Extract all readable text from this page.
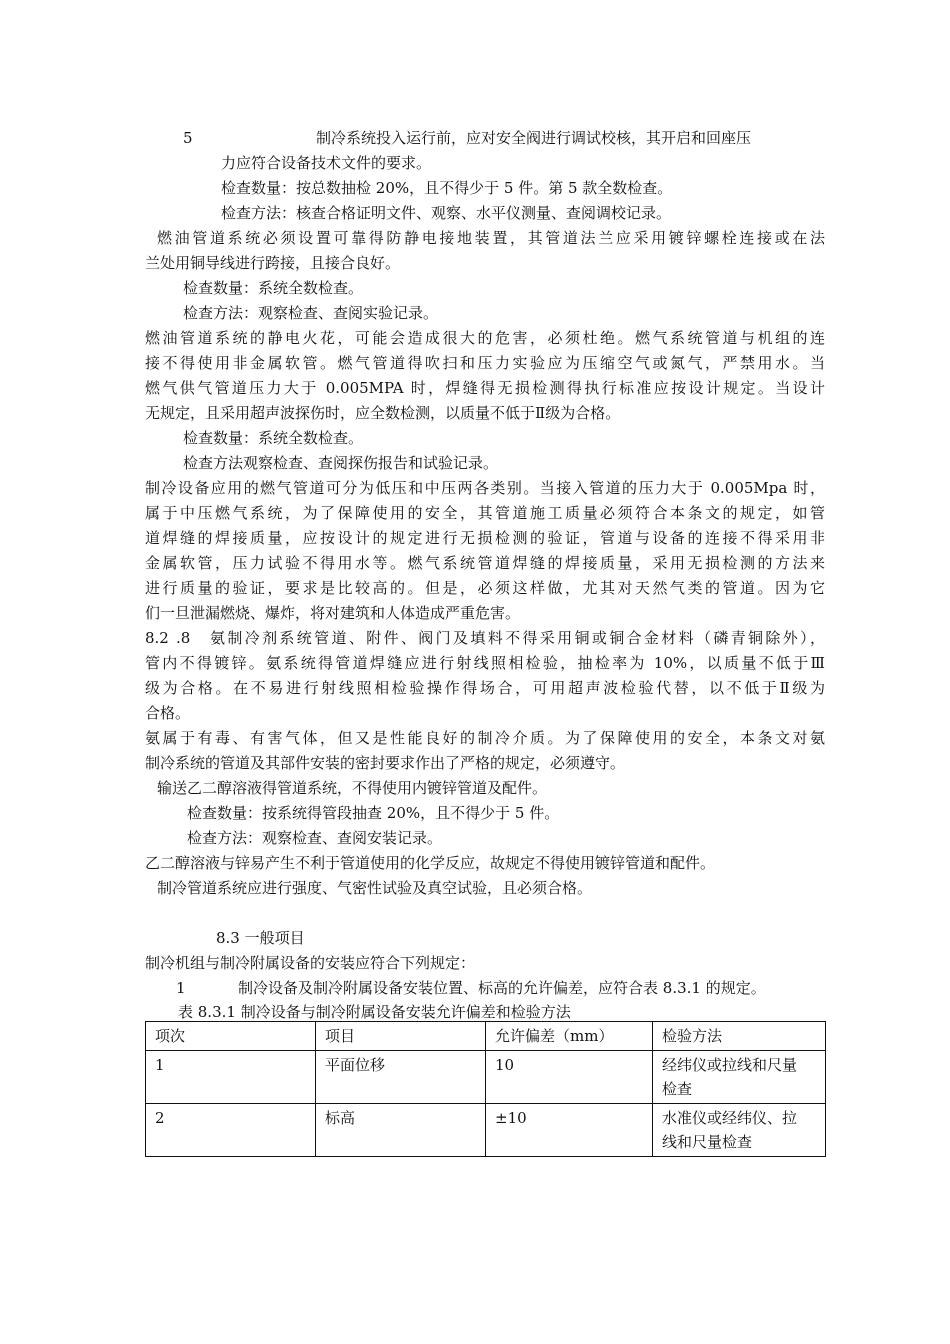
5	制冷系统投入运行前，应对安全阀进行调试校核，其开启和回座压
力应符合设备技术文件的要求。
检查数量：按总数抽检 20%，且不得少于 5 件。第 5 款全数检查。
检查方法：核查合格证明文件、观察、水平仪测量、查阅调校记录。
燃油管道系统必须设置可靠得防静电接地装置，其管道法兰应采用镀锌螺栓连接或在法
兰处用铜导线进行跨接，且接合良好。
检查数量：系统全数检查。
检查方法：观察检查、查阅实验记录。
燃油管道系统的静电火花，可能会造成很大的危害，必须杜绝。燃气系统管道与机组的连
接不得使用非金属软管。燃气管道得吹扫和压力实验应为压缩空气或氮气，严禁用水。当
燃气供气管道压力大于 0.005MPA 时，焊缝得无损检测得执行标准应按设计规定。当设计
无规定，且采用超声波探伤时，应全数检测，以质量不低于Ⅱ级为合格。
检查数量：系统全数检查。
检查方法观察检查、查阅探伤报告和试验记录。
制冷设备应用的燃气管道可分为低压和中压两各类别。当接入管道的压力大于 0.005Mpa 时，
属于中压燃气系统，为了保障使用的安全，其管道施工质量必须符合本条文的规定，如管
道焊缝的焊接质量，应按设计的规定进行无损检测的验证，管道与设备的连接不得采用非
金属软管，压力试验不得用水等。燃气系统管道焊缝的焊接质量，采用无损检测的方法来
进行质量的验证，要求是比较高的。但是，必须这样做，尤其对天然气类的管道。因为它
们一旦泄漏燃烧、爆炸，将对建筑和人体造成严重危害。
8.2 .8　氨制冷剂系统管道、附件、阀门及填料不得采用铜或铜合金材料（磷青铜除外），
管内不得镀锌。氨系统得管道焊缝应进行射线照相检验，抽检率为 10%，以质量不低于Ⅲ
级为合格。在不易进行射线照相检验操作得场合，可用超声波检验代替，以不低于Ⅱ级为
合格。
氨属于有毒、有害气体，但又是性能良好的制冷介质。为了保障使用的安全，本条文对氨
制冷系统的管道及其部件安装的密封要求作出了严格的规定，必须遵守。
输送乙二醇溶液得管道系统，不得使用内镀锌管道及配件。
检查数量：按系统得管段抽查 20%，且不得少于 5 件。
检查方法：观察检查、查阅安装记录。
乙二醇溶液与锌易产生不利于管道使用的化学反应，故规定不得使用镀锌管道和配件。
制冷管道系统应进行强度、气密性试验及真空试验，且必须合格。
8.3 一般项目
制冷机组与制冷附属设备的安装应符合下列规定：
1	制冷设备及制冷附属设备安装位置、标高的允许偏差，应符合表 8.3.1 的规定。
表 8.3.1 制冷设备与制冷附属设备安装允许偏差和检验方法
项次	项目	允许偏差（mm）	检验方法
1	平面位移	10	经纬仪或拉线和尺量
检查

2	标高	±10	水准仪或经纬仪、拉
线和尺量检查
